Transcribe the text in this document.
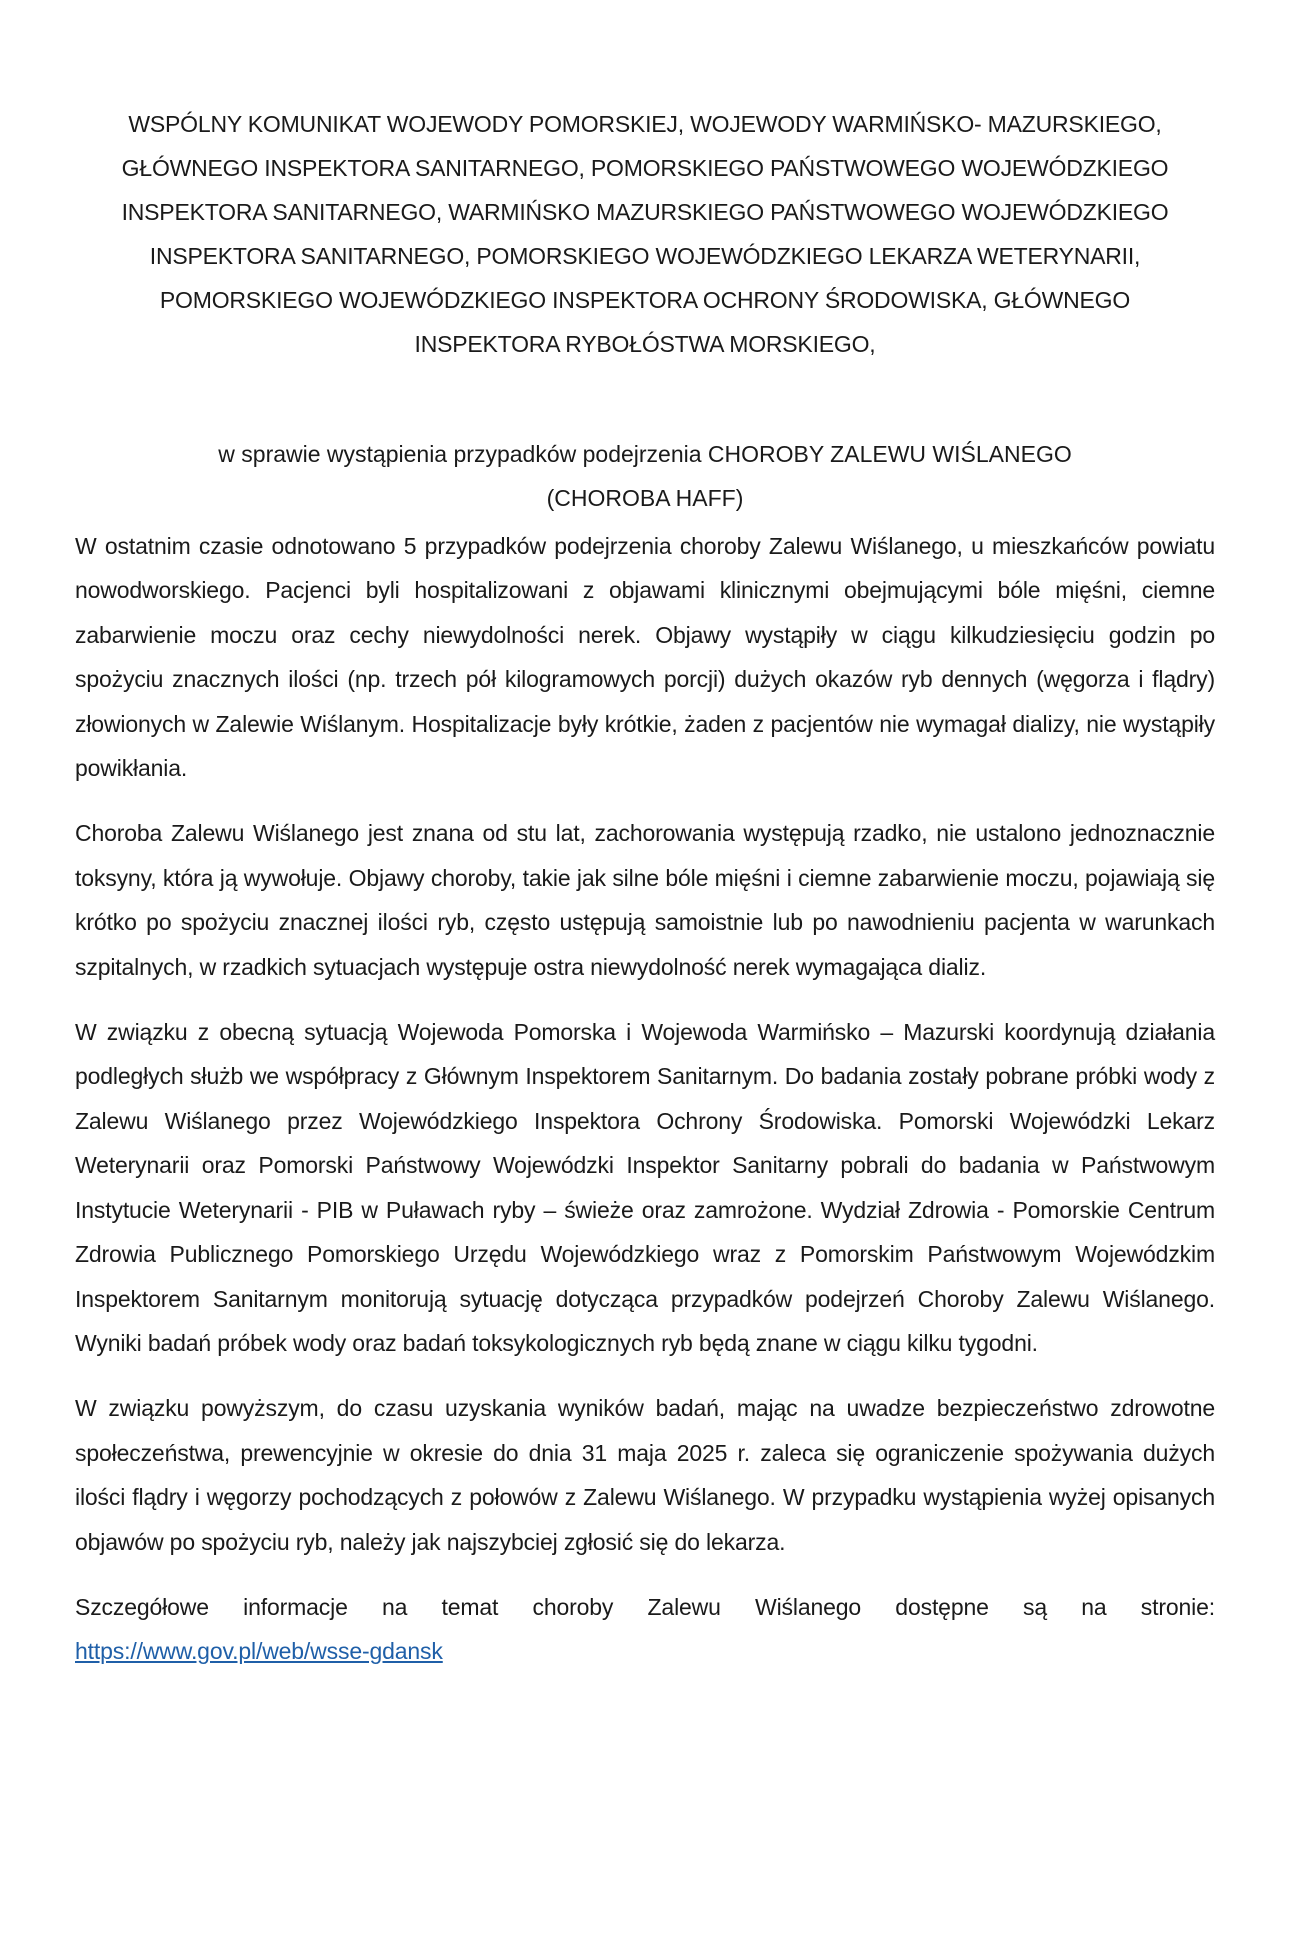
WSPÓLNY KOMUNIKAT WOJEWODY POMORSKIEJ, WOJEWODY WARMIŃSKO- MAZURSKIEGO,
GŁÓWNEGO INSPEKTORA SANITARNEGO, POMORSKIEGO PAŃSTWOWEGO WOJEWÓDZKIEGO
INSPEKTORA SANITARNEGO, WARMIŃSKO MAZURSKIEGO PAŃSTWOWEGO WOJEWÓDZKIEGO
INSPEKTORA SANITARNEGO, POMORSKIEGO WOJEWÓDZKIEGO LEKARZA WETERYNARII,
POMORSKIEGO WOJEWÓDZKIEGO INSPEKTORA OCHRONY ŚRODOWISKA, GŁÓWNEGO
INSPEKTORA RYBOŁÓSTWA MORSKIEGO,
w sprawie wystąpienia przypadków podejrzenia CHOROBY ZALEWU WIŚLANEGO
(CHOROBA HAFF)

W ostatnim czasie odnotowano 5 przypadków podejrzenia choroby Zalewu Wiślanego, u mieszkańców powiatu nowodworskiego. Pacjenci byli hospitalizowani z objawami klinicznymi obejmującymi bóle mięśni, ciemne zabarwienie moczu oraz cechy niewydolności nerek. Objawy wystąpiły w ciągu kilkudziesięciu godzin po spożyciu znacznych ilości (np. trzech pół kilogramowych porcji) dużych okazów ryb dennych (węgorza i flądry) złowionych w Zalewie Wiślanym. Hospitalizacje były krótkie, żaden z pacjentów nie wymagał dializy, nie wystąpiły powikłania.

Choroba Zalewu Wiślanego jest znana od stu lat, zachorowania występują rzadko, nie ustalono jednoznacznie toksyny, która ją wywołuje. Objawy choroby, takie jak silne bóle mięśni i ciemne zabarwienie moczu, pojawiają się krótko po spożyciu znacznej ilości ryb, często ustępują samoistnie lub po nawodnieniu pacjenta w warunkach szpitalnych, w rzadkich sytuacjach występuje ostra niewydolność nerek wymagająca dializ.

W związku z obecną sytuacją Wojewoda Pomorska i Wojewoda Warmińsko – Mazurski koordynują działania podległych służb we współpracy z Głównym Inspektorem Sanitarnym. Do badania zostały pobrane próbki wody z Zalewu Wiślanego przez Wojewódzkiego Inspektora Ochrony Środowiska. Pomorski Wojewódzki Lekarz Weterynarii oraz Pomorski Państwowy Wojewódzki Inspektor Sanitarny pobrali do badania w Państwowym Instytucie Weterynarii - PIB w Puławach ryby – świeże oraz zamrożone. Wydział Zdrowia - Pomorskie Centrum Zdrowia Publicznego Pomorskiego Urzędu Wojewódzkiego wraz z Pomorskim Państwowym Wojewódzkim Inspektorem Sanitarnym monitorują sytuację dotycząca przypadków podejrzeń Choroby Zalewu Wiślanego. Wyniki badań próbek wody oraz badań toksykologicznych ryb będą znane w ciągu kilku tygodni.

W związku powyższym, do czasu uzyskania wyników badań, mając na uwadze bezpieczeństwo zdrowotne społeczeństwa, prewencyjnie w okresie do dnia 31 maja 2025 r. zaleca się ograniczenie spożywania dużych ilości flądry i węgorzy pochodzących z połowów z Zalewu Wiślanego. W przypadku wystąpienia wyżej opisanych objawów po spożyciu ryb, należy jak najszybciej zgłosić się do lekarza.

Szczegółowe informacje na temat choroby Zalewu Wiślanego dostępne są na stronie: https://www.gov.pl/web/wsse-gdansk
